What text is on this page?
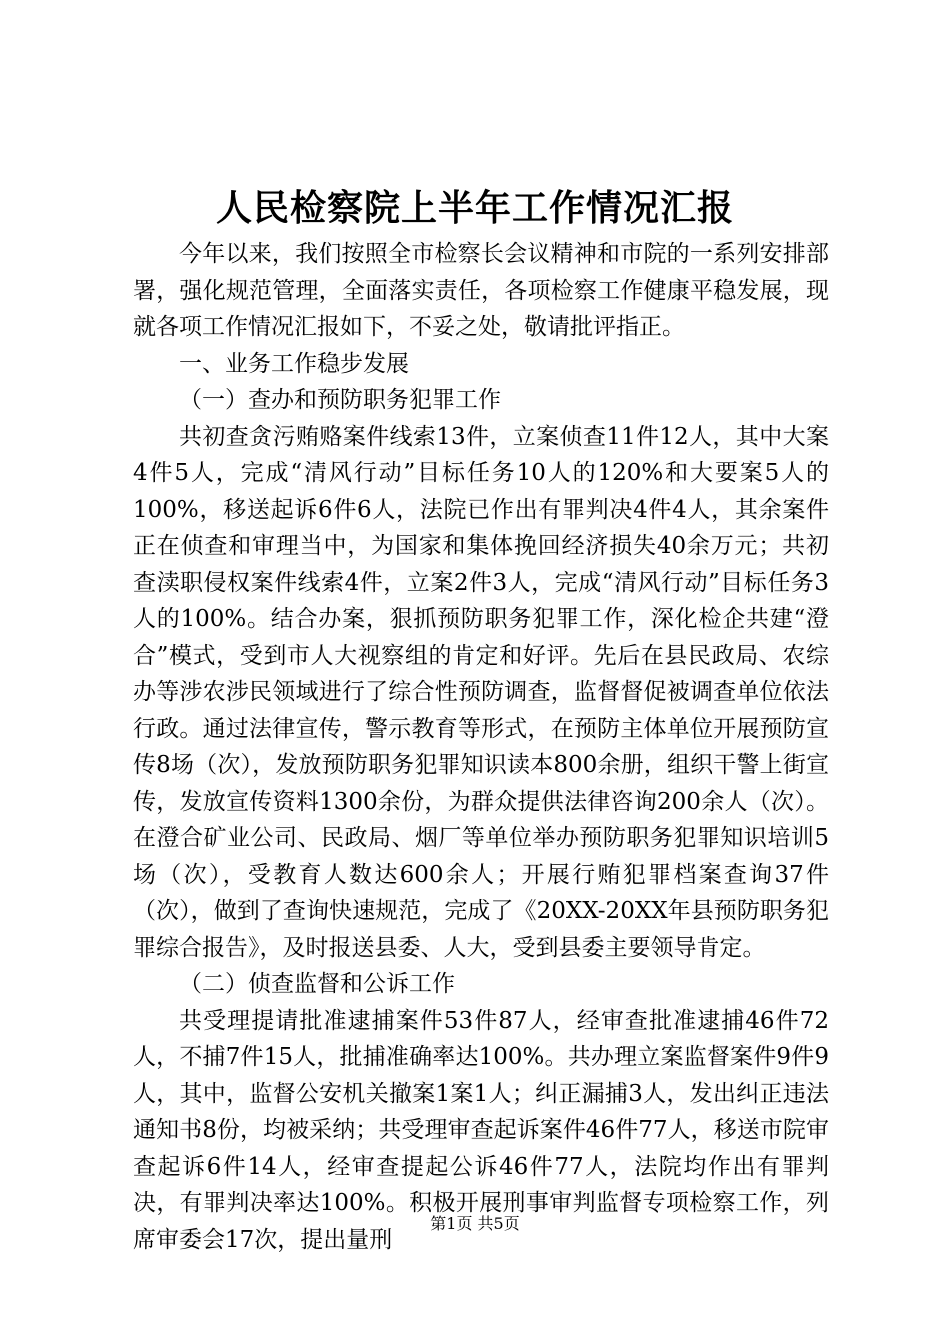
人民检察院上半年工作情况汇报

今年以来，我们按照全市检察长会议精神和市院的一系列安排部署，强化规范管理，全面落实责任，各项检察工作健康平稳发展，现就各项工作情况汇报如下，不妥之处，敬请批评指正。

一、业务工作稳步发展

（一）查办和预防职务犯罪工作

共初查贪污贿赂案件线索13件，立案侦查11件12人，其中大案4件5人，完成“清风行动”目标任务10人的120%和大要案5人的100%，移送起诉6件6人，法院已作出有罪判决4件4人，其余案件正在侦查和审理当中，为国家和集体挽回经济损失40余万元；共初查渎职侵权案件线索4件，立案2件3人，完成“清风行动”目标任务3人的100%。结合办案，狠抓预防职务犯罪工作，深化检企共建“澄合”模式，受到市人大视察组的肯定和好评。先后在县民政局、农综办等涉农涉民领域进行了综合性预防调查，监督督促被调查单位依法行政。通过法律宣传，警示教育等形式，在预防主体单位开展预防宣传8场（次），发放预防职务犯罪知识读本800余册，组织干警上街宣传，发放宣传资料1300余份，为群众提供法律咨询200余人（次）。在澄合矿业公司、民政局、烟厂等单位举办预防职务犯罪知识培训5场（次），受教育人数达600余人；开展行贿犯罪档案查询37件（次），做到了查询快速规范，完成了《20XX-20XX年县预防职务犯罪综合报告》，及时报送县委、人大，受到县委主要领导肯定。

（二）侦查监督和公诉工作

共受理提请批准逮捕案件53件87人，经审查批准逮捕46件72人，不捕7件15人，批捕准确率达100%。共办理立案监督案件9件9人，其中，监督公安机关撤案1案1人；纠正漏捕3人，发出纠正违法通知书8份，均被采纳；共受理审查起诉案件46件77人，移送市院审查起诉6件14人，经审查提起公诉46件77人，法院均作出有罪判决，有罪判决率达100%。积极开展刑事审判监督专项检察工作，列席审委会17次，提出量刑

第1页 共5页
